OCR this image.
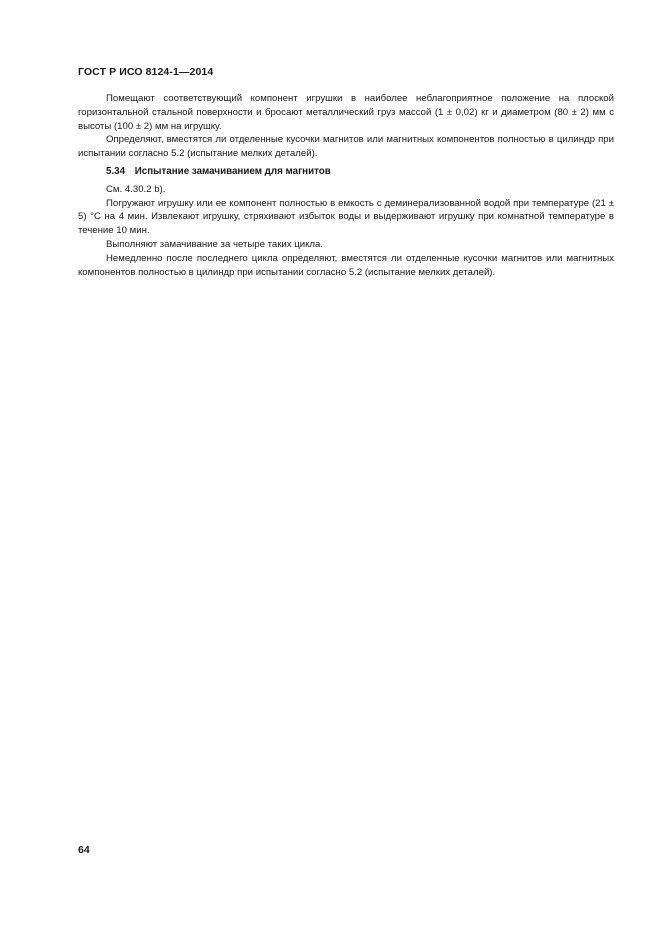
ГОСТ Р ИСО 8124-1—2014

Помещают соответствующий компонент игрушки в наиболее неблагоприятное положение на плоской горизонтальной стальной поверхности и бросают металлический груз массой (1 ± 0,02) кг и диаметром (80 ± 2) мм с высоты (100 ± 2) мм на игрушку.

Определяют, вместятся ли отделенные кусочки магнитов или магнитных компонентов полностью в цилиндр при испытании согласно 5.2 (испытание мелких деталей).

5.34 Испытание замачиванием для магнитов

См. 4.30.2 b).

Погружают игрушку или ее компонент полностью в емкость с деминерализованной водой при температуре (21 ± 5) °С на 4 мин. Извлекают игрушку, стряхивают избыток воды и выдерживают игрушку при комнатной температуре в течение 10 мин.

Выполняют замачивание за четыре таких цикла.

Немедленно после последнего цикла определяют, вместятся ли отделенные кусочки магнитов или магнитных компонентов полностью в цилиндр при испытании согласно 5.2 (испытание мелких деталей).

64
